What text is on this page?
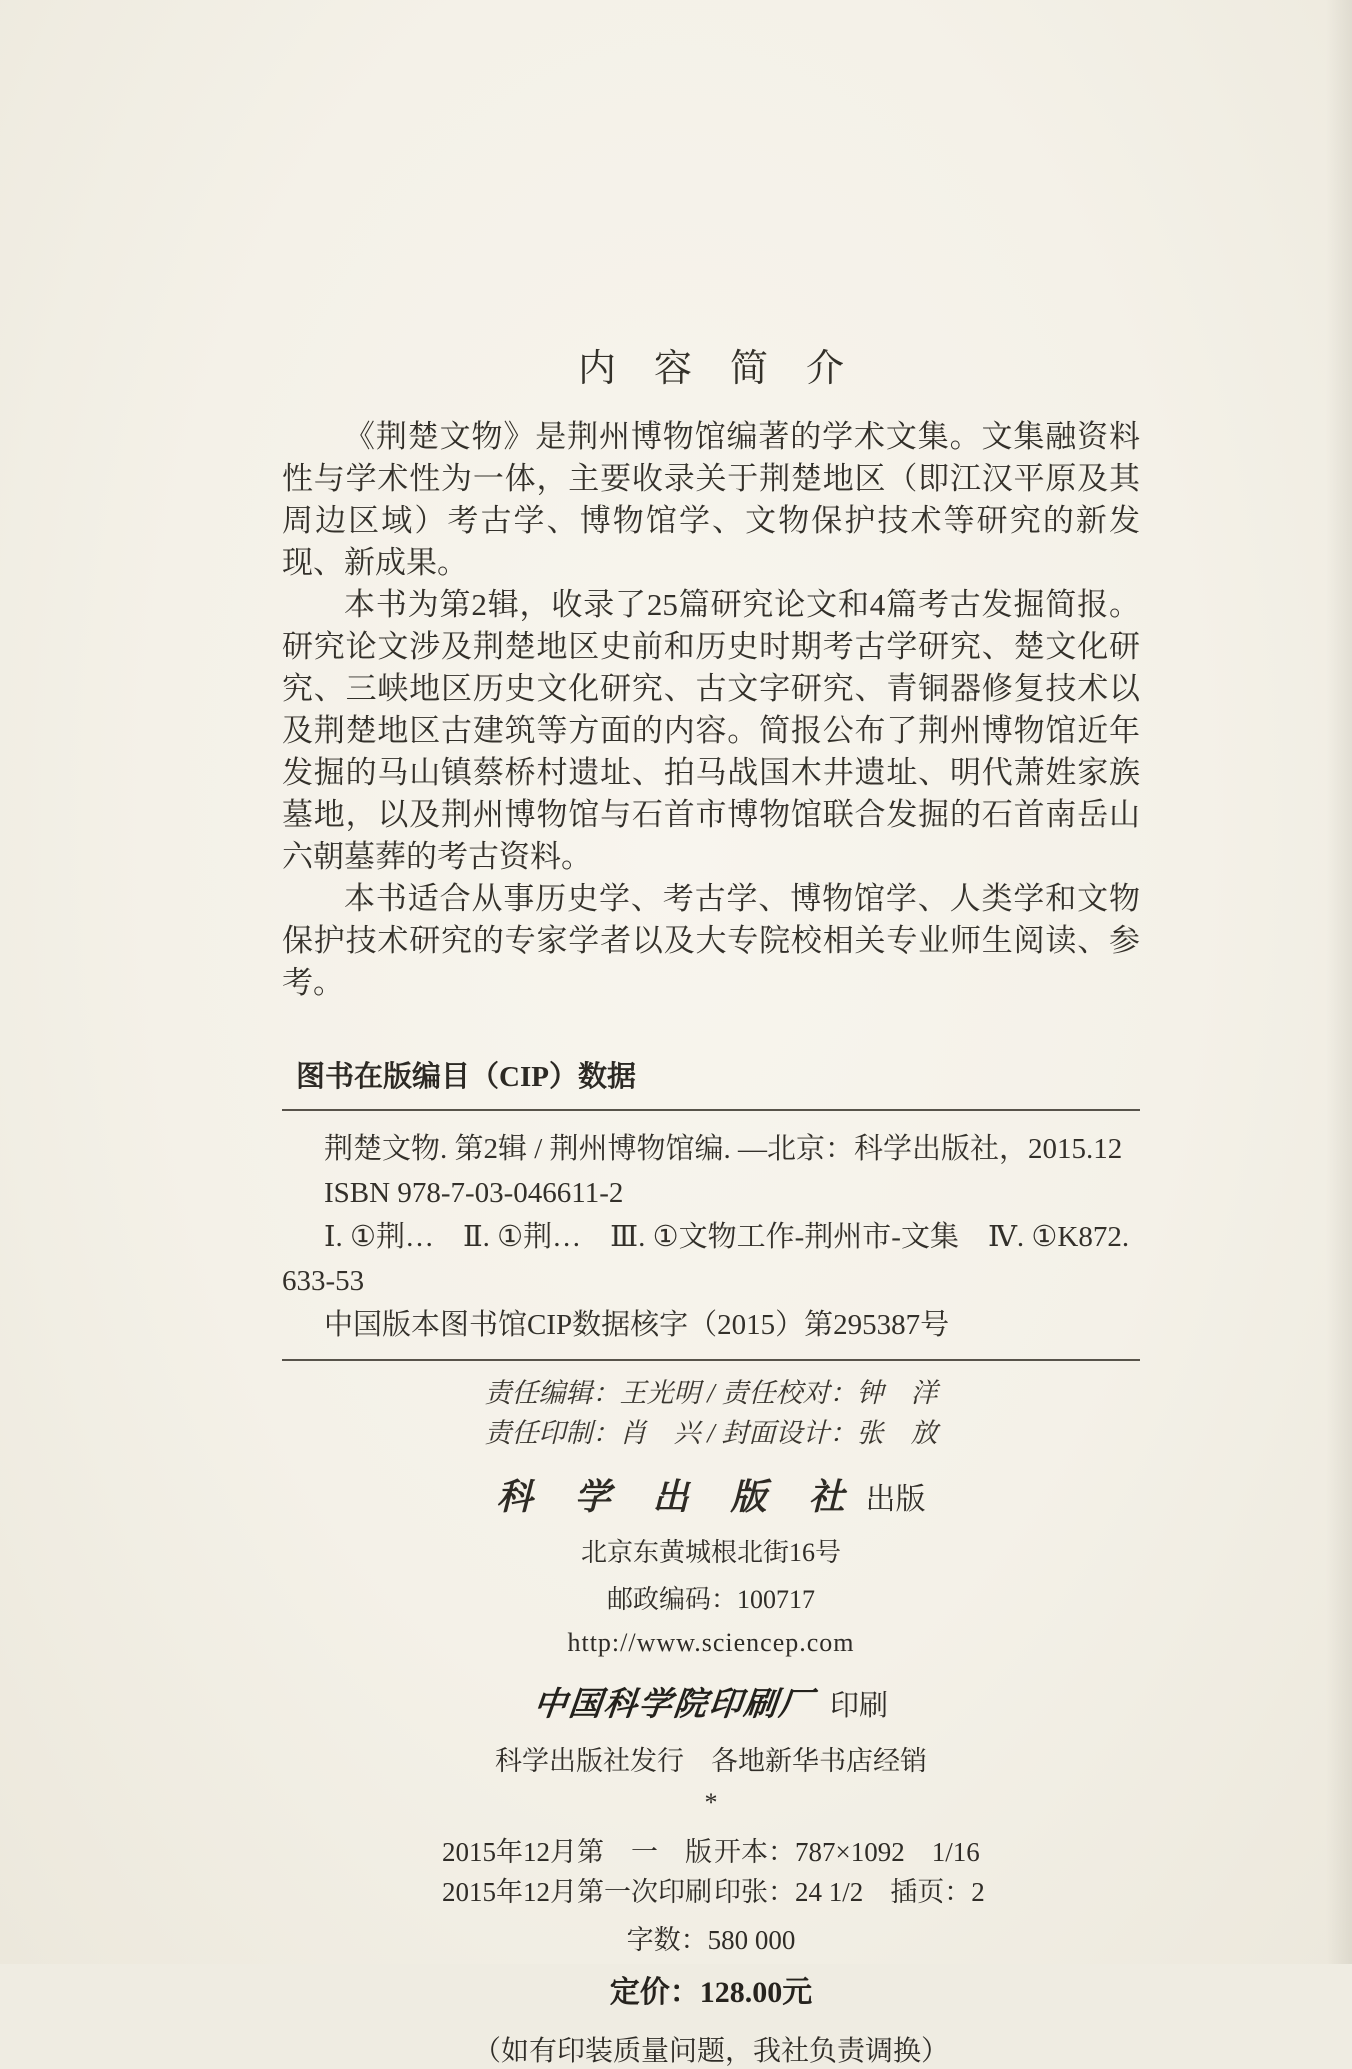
内　容　简　介

《荆楚文物》是荆州博物馆编著的学术文集。文集融资料性与学术性为一体，主要收录关于荆楚地区（即江汉平原及其周边区域）考古学、博物馆学、文物保护技术等研究的新发现、新成果。

本书为第2辑，收录了25篇研究论文和4篇考古发掘简报。研究论文涉及荆楚地区史前和历史时期考古学研究、楚文化研究、三峡地区历史文化研究、古文字研究、青铜器修复技术以及荆楚地区古建筑等方面的内容。简报公布了荆州博物馆近年发掘的马山镇蔡桥村遗址、拍马战国木井遗址、明代萧姓家族墓地，以及荆州博物馆与石首市博物馆联合发掘的石首南岳山六朝墓葬的考古资料。

本书适合从事历史学、考古学、博物馆学、人类学和文物保护技术研究的专家学者以及大专院校相关专业师生阅读、参考。

图书在版编目（CIP）数据

荆楚文物. 第2辑 / 荆州博物馆编. —北京：科学出版社，2015.12

ISBN 978-7-03-046611-2

Ⅰ. ①荆…　Ⅱ. ①荆…　Ⅲ. ①文物工作-荆州市-文集　Ⅳ. ①K872.

633-53

中国版本图书馆CIP数据核字（2015）第295387号

责任编辑：王光明 / 责任校对：钟　洋

责任印制：肖　兴 / 封面设计：张　放

科　学　出　版　社 出版

北京东黄城根北街16号

邮政编码：100717

http://www.sciencep.com

中国科学院印刷厂 印刷

科学出版社发行　各地新华书店经销

*

2015年12月第　一　版 开本：787×1092　1/16
2015年12月第一次印刷 印张：24 1/2　插页：2

字数：580 000

定价：128.00元

（如有印装质量问题，我社负责调换）
